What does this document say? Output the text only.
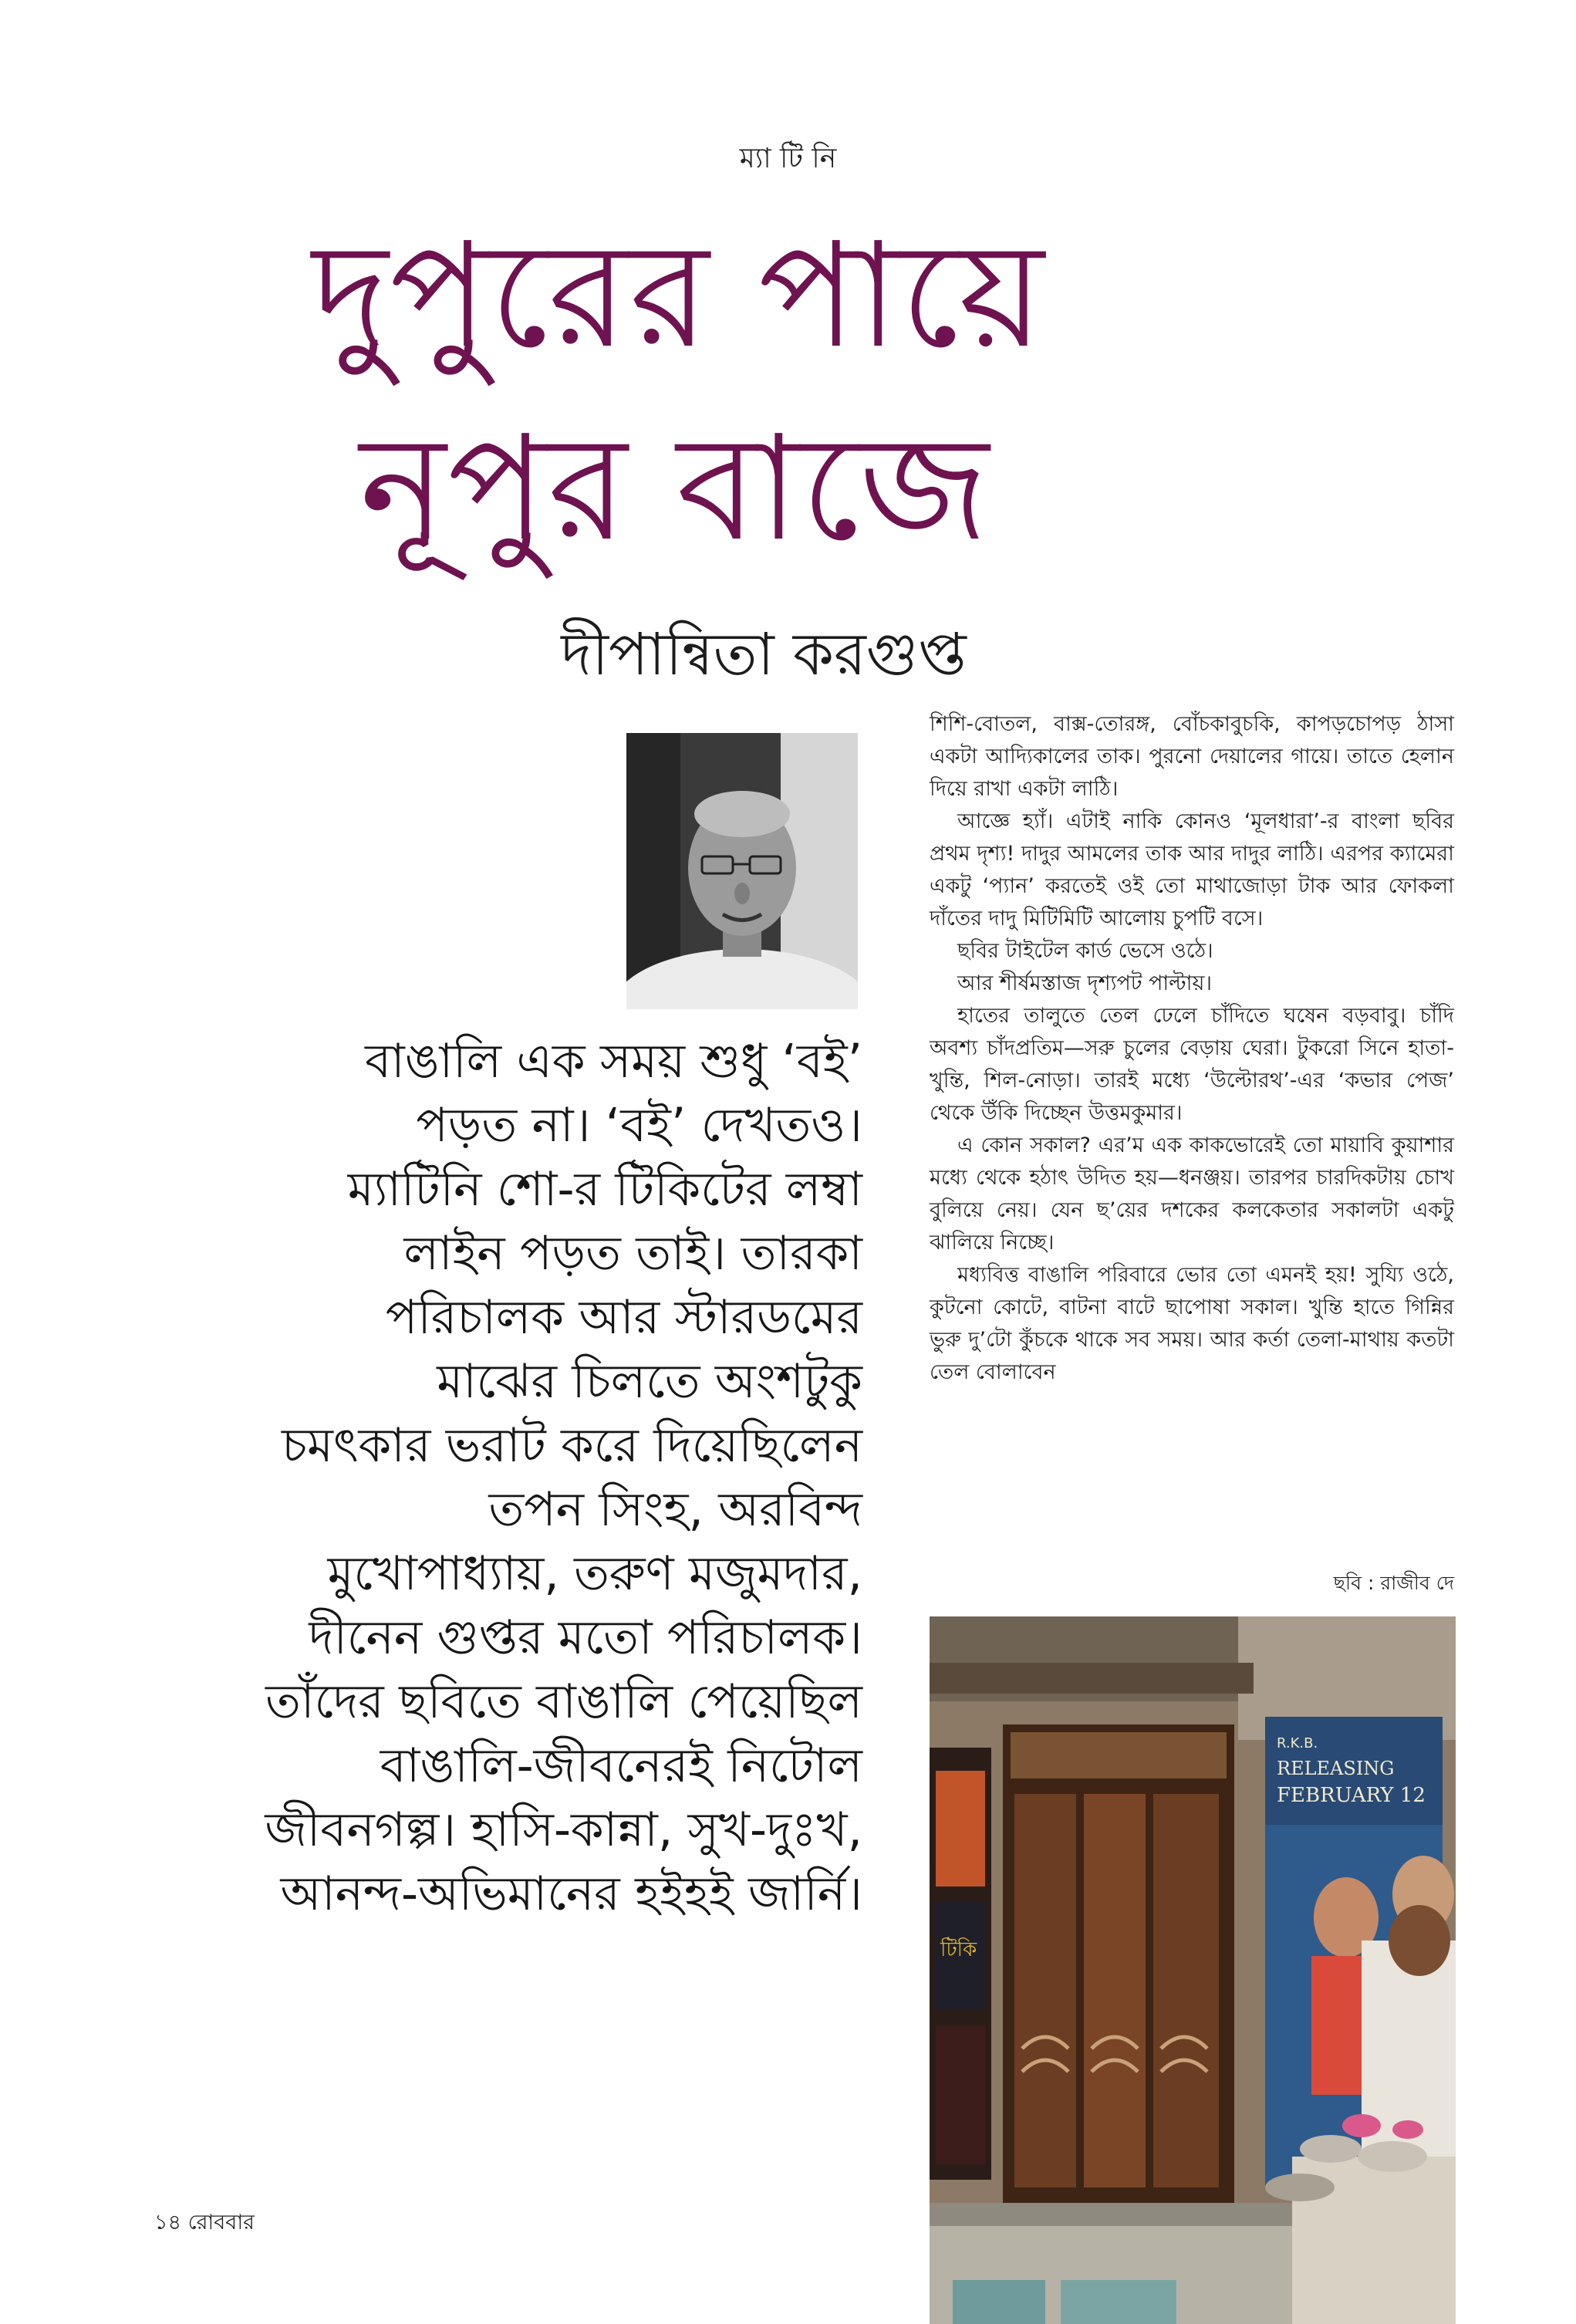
ম্যা টি নি
দুপুরের পায়ে
নূপুর বাজে
দীপান্বিতা করগুপ্ত

বাঙালি এক সময় শুধু ‘বই’

পড়ত না। ‘বই’ দেখতও।

ম্যাটিনি শো-র টিকিটের লম্বা

লাইন পড়ত তাই। তারকা

পরিচালক আর স্টারডমের

মাঝের চিলতে অংশটুকু

চমৎকার ভরাট করে দিয়েছিলেন

তপন সিংহ, অরবিন্দ

মুখোপাধ্যায়, তরুণ মজুমদার,

দীনেন গুপ্তর মতো পরিচালক।

তাঁদের ছবিতে বাঙালি পেয়েছিল

বাঙালি-জীবনেরই নিটোল

জীবনগল্প। হাসি-কান্না, সুখ-দুঃখ,

আনন্দ-অভিমানের হইহই জার্নি।

শিশি-বোতল, বাক্স-তোরঙ্গ, বোঁচকাবুচকি, কাপড়চোপড় ঠাসা একটা আদ্যিকালের তাক। পুরনো দেয়ালের গায়ে। তাতে হেলান দিয়ে রাখা একটা লাঠি।

আজ্ঞে হ্যাঁ। এটাই নাকি কোনও ‘মূলধারা’-র বাংলা ছবির প্রথম দৃশ্য! দাদুর আমলের তাক আর দাদুর লাঠি। এরপর ক্যামেরা একটু ‘প্যান’ করতেই ওই তো মাথাজোড়া টাক আর ফোকলা দাঁতের দাদু মিটিমিটি আলোয় চুপটি বসে।

ছবির টাইটেল কার্ড ভেসে ওঠে।

আর শীর্ষমস্তাজ দৃশ্যপট পাল্টায়।

হাতের তালুতে তেল ঢেলে চাঁদিতে ঘষেন বড়বাবু। চাঁদি অবশ্য চাঁদপ্রতিম—সরু চুলের বেড়ায় ঘেরা। টুকরো সিনে হাতা-খুন্তি, শিল-নোড়া। তারই মধ্যে ‘উল্টোরথ’-এর ‘কভার পেজ’ থেকে উঁকি দিচ্ছেন উত্তমকুমার।

এ কোন সকাল? এর’ম এক কাকভোরেই তো মায়াবি কুয়াশার মধ্যে থেকে হঠাৎ উদিত হয়—ধনঞ্জয়। তারপর চারদিকটায় চোখ বুলিয়ে নেয়। যেন ছ’য়ের দশকের কলকেতার সকালটা একটু ঝালিয়ে নিচ্ছে।

মধ্যবিত্ত বাঙালি পরিবারে ভোর তো এমনই হয়! সুয্যি ওঠে, কুটনো কোটে, বাটনা বাটে ছাপোষা সকাল। খুন্তি হাতে গিন্নির ভুরু দু’টো কুঁচকে থাকে সব সময়। আর কর্তা তেলা-মাথায় কতটা তেল বোলাবেন

ছবি : রাজীব দে
টিকি
R.K.B.
RELEASING
FEBRUARY 12
১৪ রোববার
